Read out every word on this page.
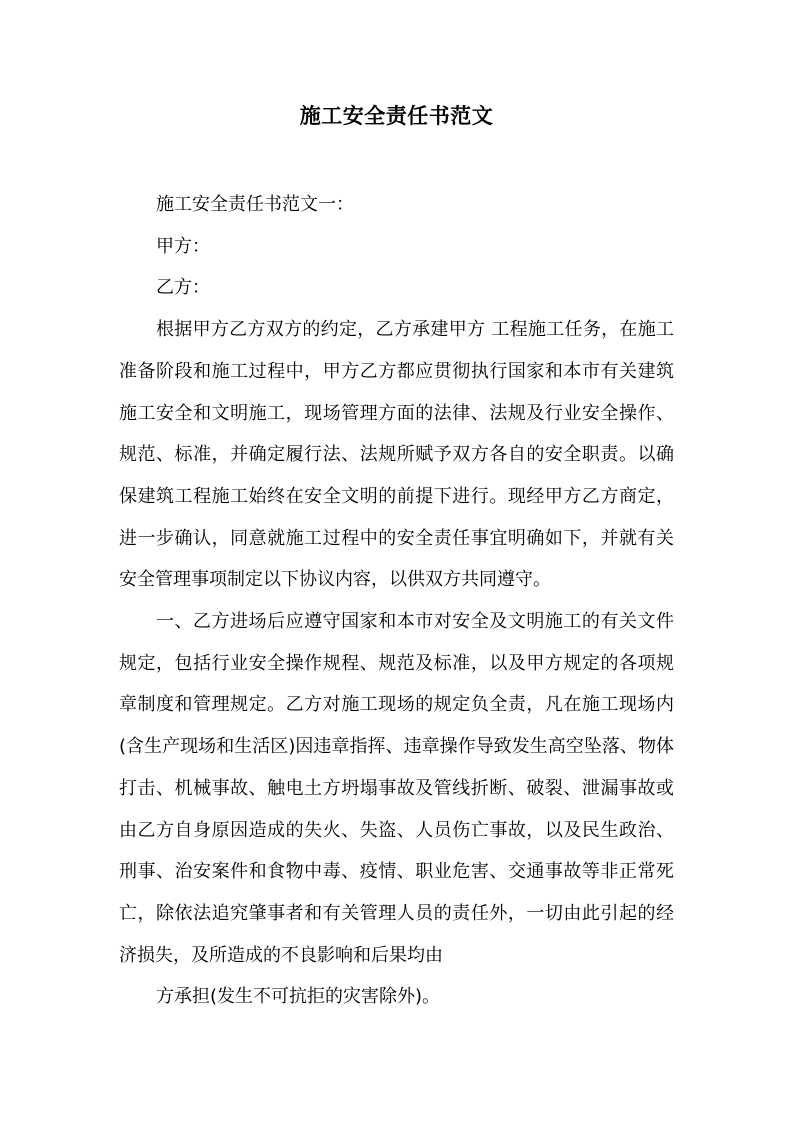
施工安全责任书范文

施工安全责任书范文一：

甲方：

乙方：

根据甲方乙方双方的约定，乙方承建甲方 工程施工任务，在施工准备阶段和施工过程中，甲方乙方都应贯彻执行国家和本市有关建筑施工安全和文明施工，现场管理方面的法律、法规及行业安全操作、规范、标准，并确定履行法、法规所赋予双方各自的安全职责。以确保建筑工程施工始终在安全文明的前提下进行。现经甲方乙方商定，进一步确认，同意就施工过程中的安全责任事宜明确如下，并就有关安全管理事项制定以下协议内容，以供双方共同遵守。

一、乙方进场后应遵守国家和本市对安全及文明施工的有关文件规定，包括行业安全操作规程、规范及标准，以及甲方规定的各项规章制度和管理规定。乙方对施工现场的规定负全责，凡在施工现场内(含生产现场和生活区)因违章指挥、违章操作导致发生高空坠落、物体打击、机械事故、触电土方坍塌事故及管线折断、破裂、泄漏事故或由乙方自身原因造成的失火、失盗、人员伤亡事故，以及民生政治、刑事、治安案件和食物中毒、疫情、职业危害、交通事故等非正常死亡，除依法追究肇事者和有关管理人员的责任外，一切由此引起的经济损失，及所造成的不良影响和后果均由

方承担(发生不可抗拒的灾害除外)。
